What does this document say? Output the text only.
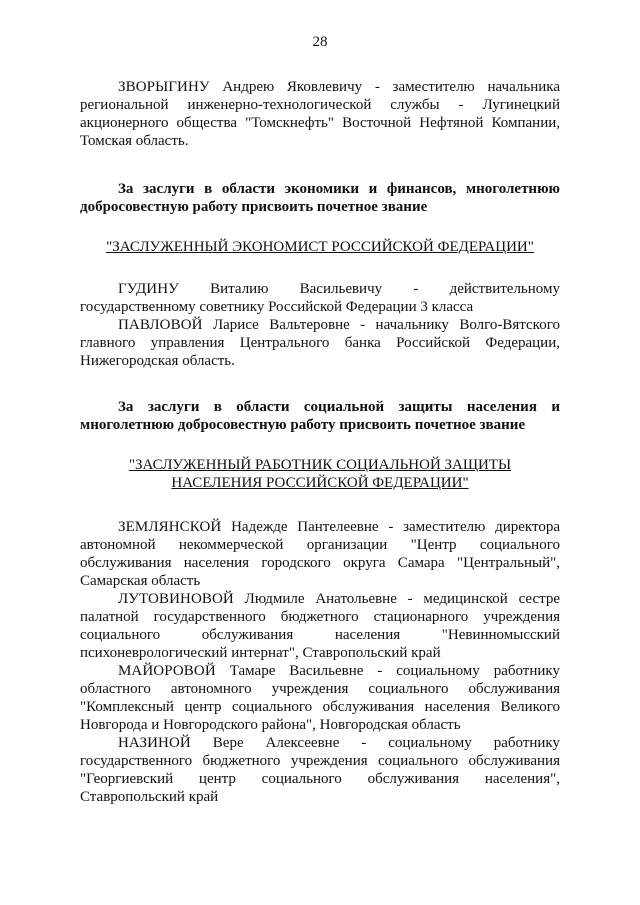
28

ЗВОРЫГИНУ Андрею Яковлевичу - заместителю начальника региональной инженерно-технологической службы - Лугинецкий акционерного общества "Томскнефть" Восточной Нефтяной Компании, Томская область.

За заслуги в области экономики и финансов, многолетнюю добросовестную работу присвоить почетное звание

"ЗАСЛУЖЕННЫЙ ЭКОНОМИСТ РОССИЙСКОЙ ФЕДЕРАЦИИ"

ГУДИНУ Виталию Васильевичу - действительному государственному советнику Российской Федерации 3 класса

ПАВЛОВОЙ Ларисе Вальтеровне - начальнику Волго-Вятского главного управления Центрального банка Российской Федерации, Нижегородская область.

За заслуги в области социальной защиты населения и многолетнюю добросовестную работу присвоить почетное звание

"ЗАСЛУЖЕННЫЙ РАБОТНИК СОЦИАЛЬНОЙ ЗАЩИТЫ

НАСЕЛЕНИЯ РОССИЙСКОЙ ФЕДЕРАЦИИ"

ЗЕМЛЯНСКОЙ Надежде Пантелеевне - заместителю директора автономной некоммерческой организации "Центр социального обслуживания населения городского округа Самара "Центральный", Самарская область

ЛУТОВИНОВОЙ Людмиле Анатольевне - медицинской сестре палатной государственного бюджетного стационарного учреждения социального обслуживания населения "Невинномысский психоневрологический интернат", Ставропольский край

МАЙОРОВОЙ Тамаре Васильевне - социальному работнику областного автономного учреждения социального обслуживания "Комплексный центр социального обслуживания населения Великого Новгорода и Новгородского района", Новгородская область

НАЗИНОЙ Вере Алексеевне - социальному работнику государственного бюджетного учреждения социального обслуживания "Георгиевский центр социального обслуживания населения", Ставропольский край
